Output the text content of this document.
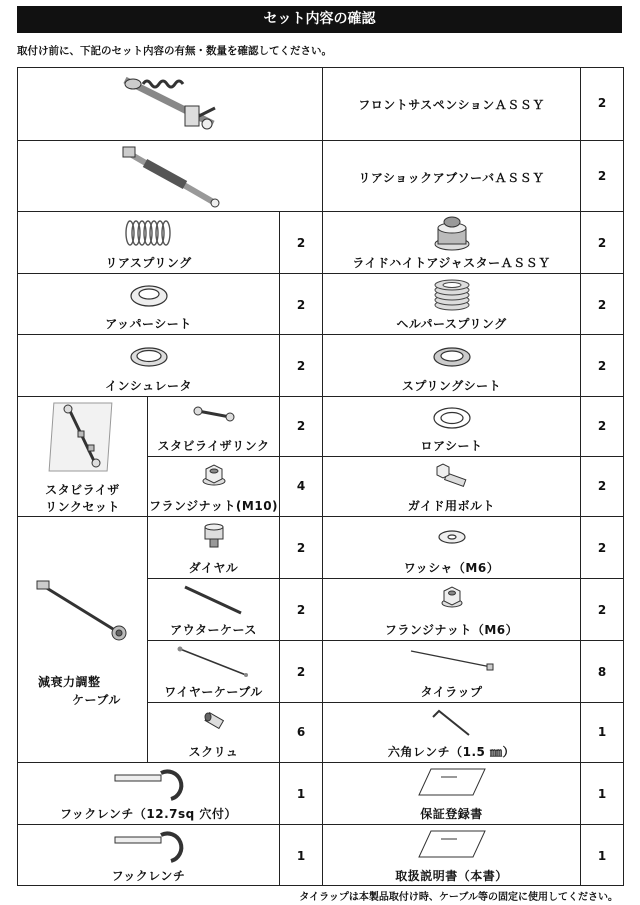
セット内容の確認
取付け前に、下記のセット内容の有無・数量を確認してください。
フロントサスペンションＡＳＳＹ	2
リアショックアブソーバＡＳＳＹ	2
リアスプリング
2
ライドハイトアジャスターＡＳＳＹ
2
アッパーシート
2
ヘルパースプリング
2
インシュレータ
2
スプリングシート
2
スタビライザ
リンクセット
スタビライザリンク
2
ロアシート
2
フランジナット(M10)
4
ガイド用ボルト
2
減衰力調整
ケーブル
ダイヤル
2
ワッシャ（M6）
2
アウターケース
2
フランジナット（M6）
2
ワイヤーケーブル
2
タイラップ
8
スクリュ
6
六角レンチ（1.5 ㎜）
1
フックレンチ（12.7sq 穴付）
1
保証登録書
1
フックレンチ
1
取扱説明書（本書）
1
タイラップは本製品取付け時、ケーブル等の固定に使用してください。
